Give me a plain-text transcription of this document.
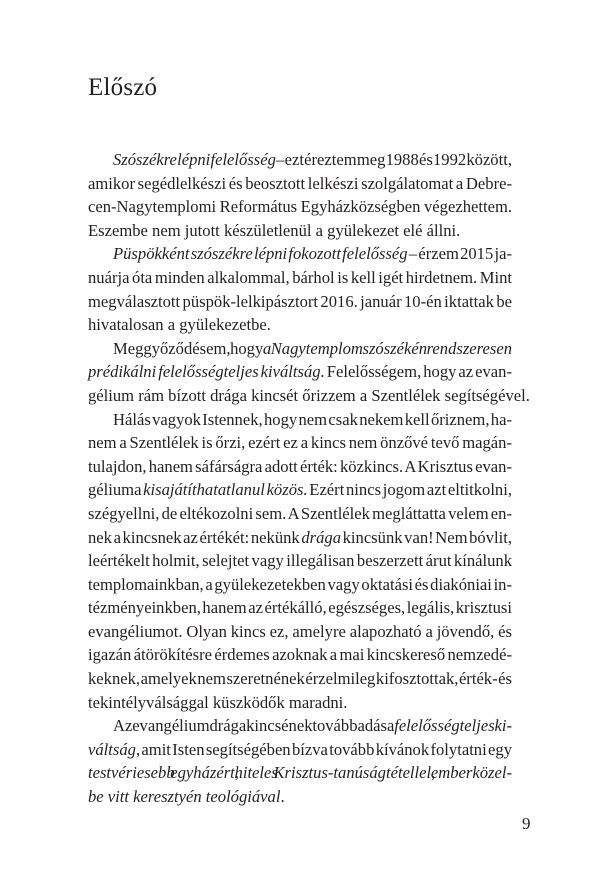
Előszó
Szószékre lépni felelősség – ezt éreztem meg 1988 és 1992 között,
amikor segédlelkészi és beosztott lelkészi szolgálatomat a Debre-
cen-Nagytemplomi Református Egyházközségben végezhettem.
Eszembe nem jutott készületlenül a gyülekezet elé állni.
Püspökként szószékre lépni fokozott felelősség – érzem 2015 ja-
nuárja óta minden alkalommal, bárhol is kell igét hirdetnem. Mint
megválasztott püspök-lelkipásztort 2016. január 10-én iktattak be
hivatalosan a gyülekezetbe.
Meggyőződésem, hogy a Nagytemplom szószékén rendszeresen
prédikálni felelősségteljes kiváltság. Felelősségem, hogy az evan-
gélium rám bízott drága kincsét őrizzem a Szentlélek segítségével.
Hálás vagyok Istennek, hogy nem csak nekem kell őriznem, ha-
nem a Szentlélek is őrzi, ezért ez a kincs nem önzővé tevő magán-
tulajdon, hanem sáfárságra adott érték: közkincs. A Krisztus evan-
géliuma kisajátíthatatlanul közös. Ezért nincs jogom azt eltitkolni,
szégyellni, de eltékozolni sem. A Szentlélek megláttatta velem en-
nek a kincsnek az értékét: nekünk drága kincsünk van! Nem bóvlit,
leértékelt holmit, selejtet vagy illegálisan beszerzett árut kínálunk
templomainkban, a gyülekezetekben vagy oktatási és diakóniai in-
tézményeinkben, hanem az értékálló, egészséges, legális, krisztusi
evangéliumot. Olyan kincs ez, amelyre alapozható a jövendő, és
igazán átörökítésre érdemes azoknak a mai kincskereső nemzedé-
keknek, amelyek nem szeretnének érzelmileg kifosztottak, érték- és
tekintélyválsággal küszködők maradni.
Az evangélium drága kincsének továbbadása felelősségteljes ki-
váltság, amit Isten segítségében bízva tovább kívánok folytatni egy
testvériesebb egyházért, hiteles Krisztus-tanúságtétellel, emberközel-
be vitt keresztyén teológiával.
9
